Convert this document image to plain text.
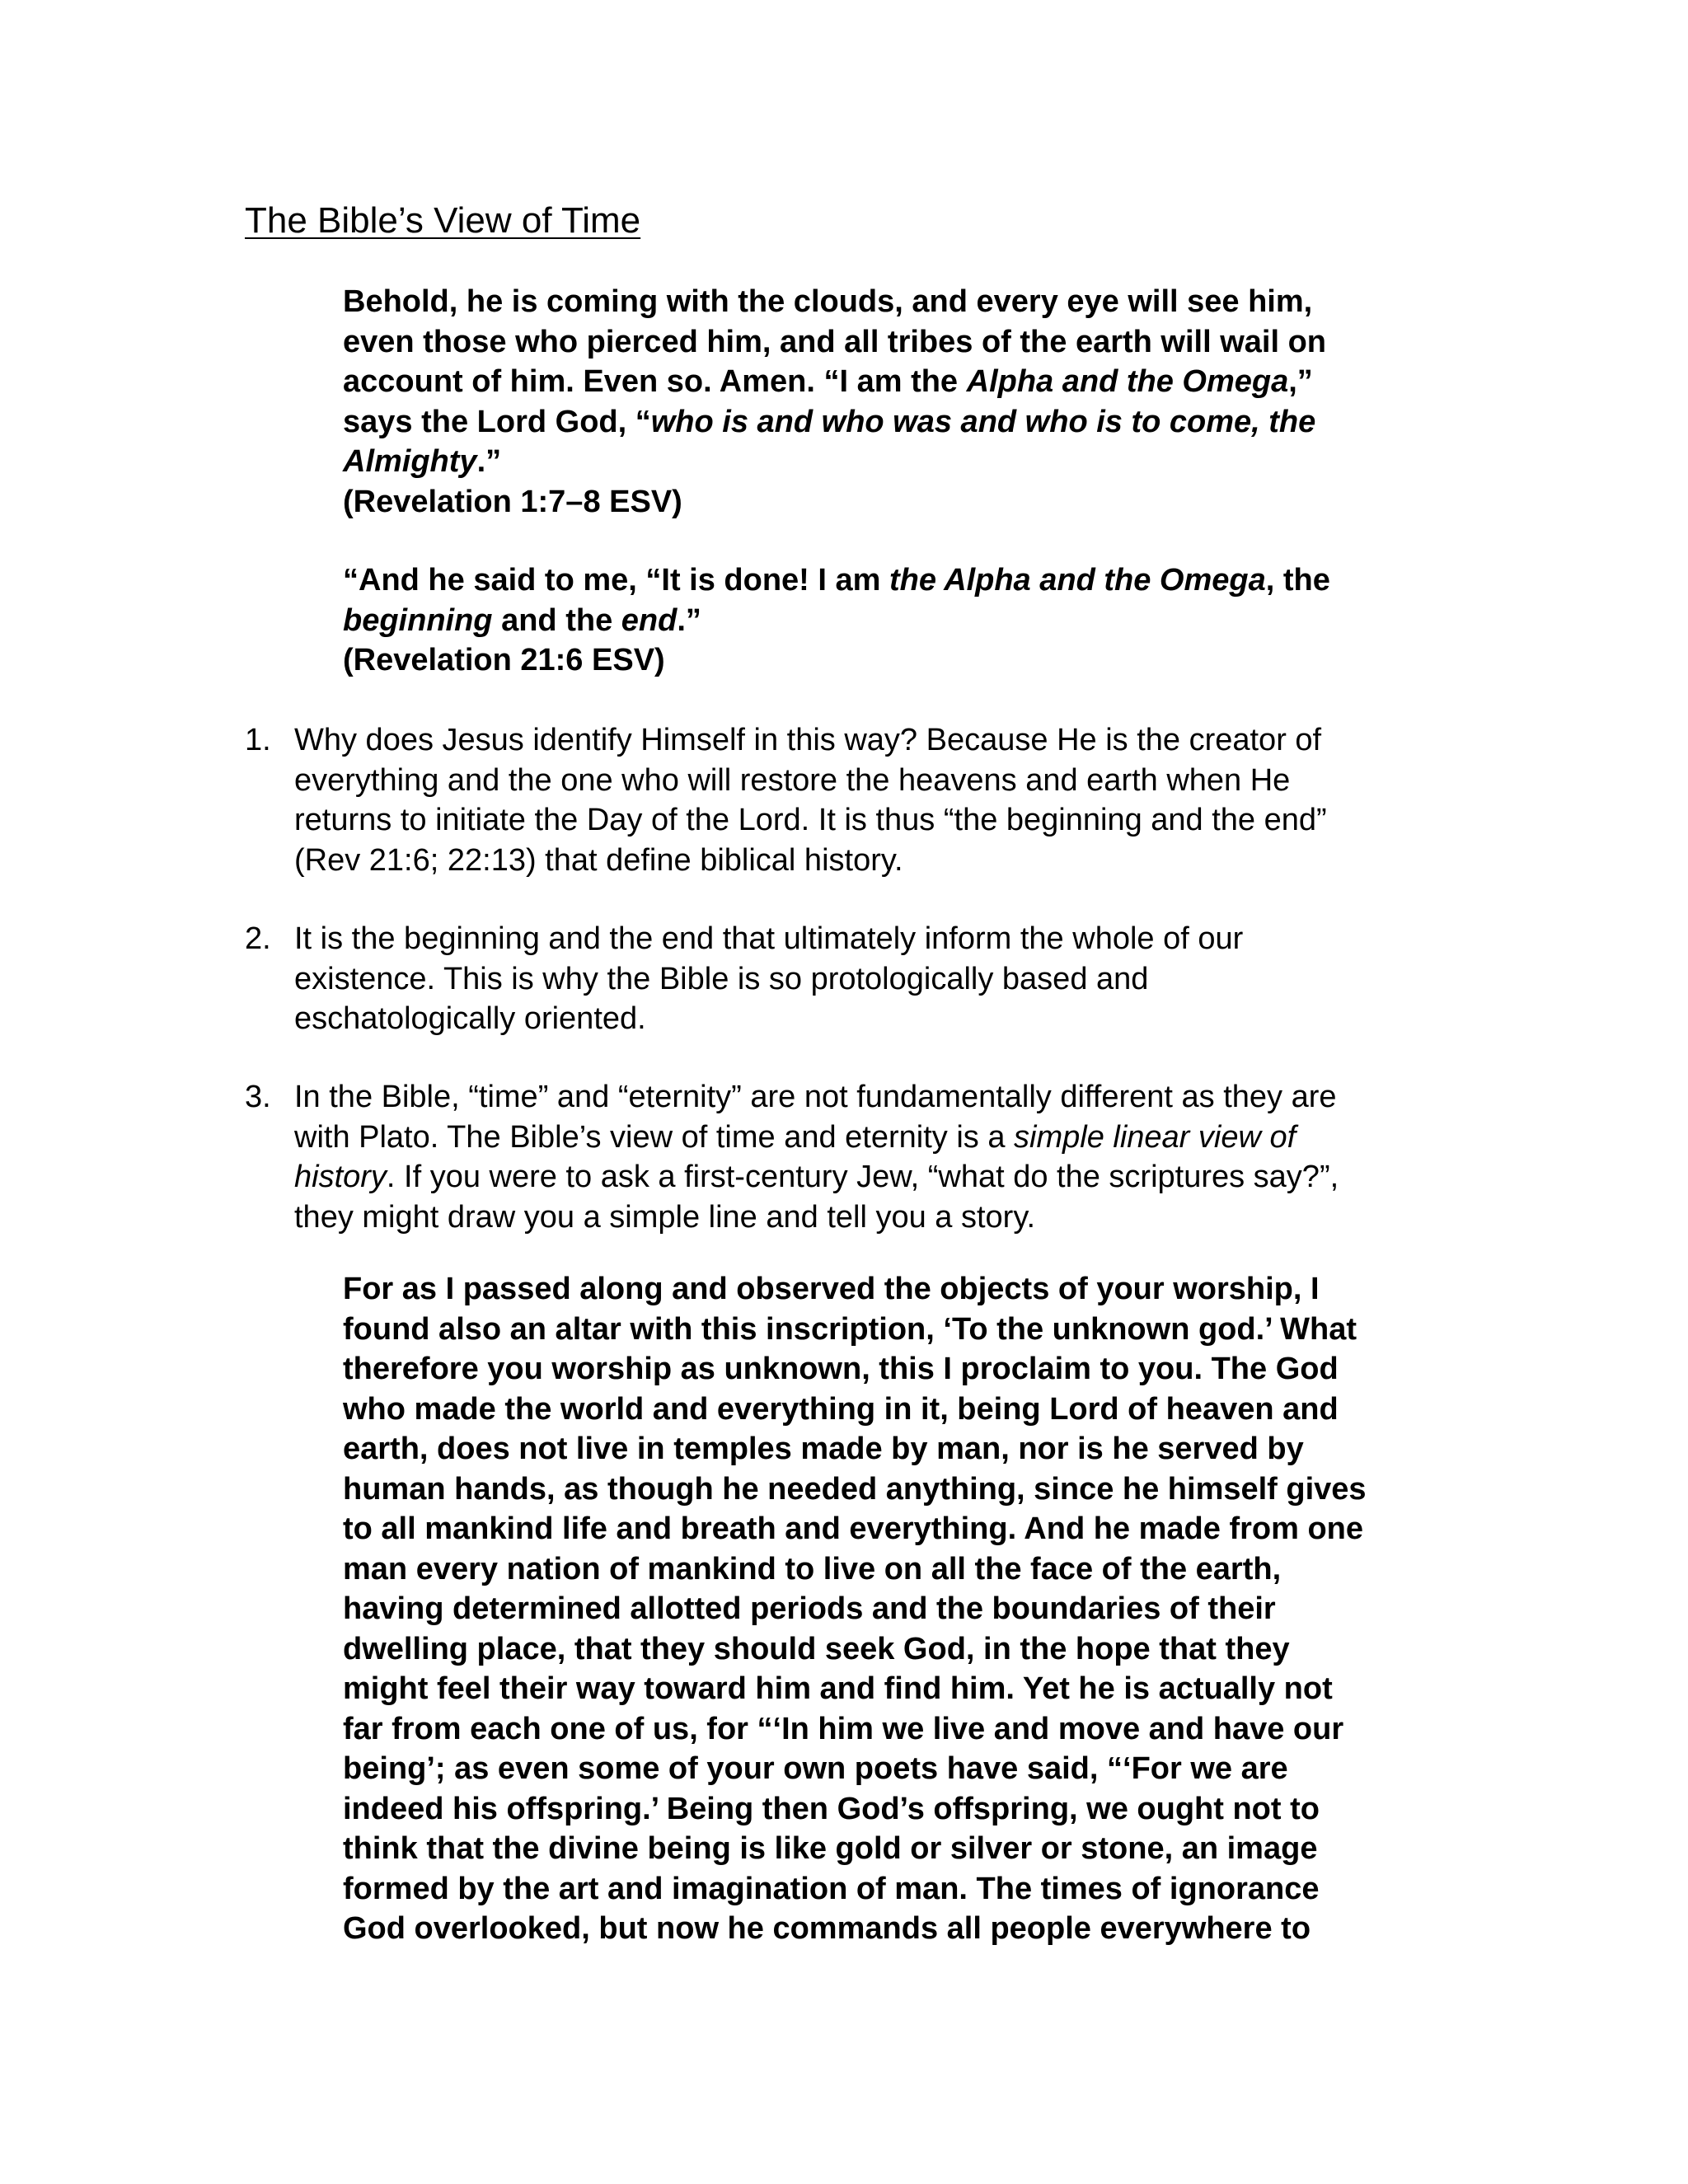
The Bible’s View of Time
Behold, he is coming with the clouds, and every eye will see him,
even those who pierced him, and all tribes of the earth will wail on
account of him. Even so. Amen. “I am the Alpha and the Omega,”
says the Lord God, “who is and who was and who is to come, the
Almighty.”
(Revelation 1:7–8 ESV)
“And he said to me, “It is done! I am the Alpha and the Omega, the
beginning and the end.”
(Revelation 21:6 ESV)
1. Why does Jesus identify Himself in this way? Because He is the creator of
everything and the one who will restore the heavens and earth when He
returns to initiate the Day of the Lord. It is thus “the beginning and the end”
(Rev 21:6; 22:13) that define biblical history.
2. It is the beginning and the end that ultimately inform the whole of our
existence. This is why the Bible is so protologically based and
eschatologically oriented.
3. In the Bible, “time” and “eternity” are not fundamentally different as they are
with Plato. The Bible’s view of time and eternity is a simple linear view of
history. If you were to ask a first-century Jew, “what do the scriptures say?”,
they might draw you a simple line and tell you a story.
For as I passed along and observed the objects of your worship, I
found also an altar with this inscription, ‘To the unknown god.’ What
therefore you worship as unknown, this I proclaim to you. The God
who made the world and everything in it, being Lord of heaven and
earth, does not live in temples made by man, nor is he served by
human hands, as though he needed anything, since he himself gives
to all mankind life and breath and everything. And he made from one
man every nation of mankind to live on all the face of the earth,
having determined allotted periods and the boundaries of their
dwelling place, that they should seek God, in the hope that they
might feel their way toward him and find him. Yet he is actually not
far from each one of us, for “‘In him we live and move and have our
being’; as even some of your own poets have said, “‘For we are
indeed his offspring.’ Being then God’s offspring, we ought not to
think that the divine being is like gold or silver or stone, an image
formed by the art and imagination of man. The times of ignorance
God overlooked, but now he commands all people everywhere to
